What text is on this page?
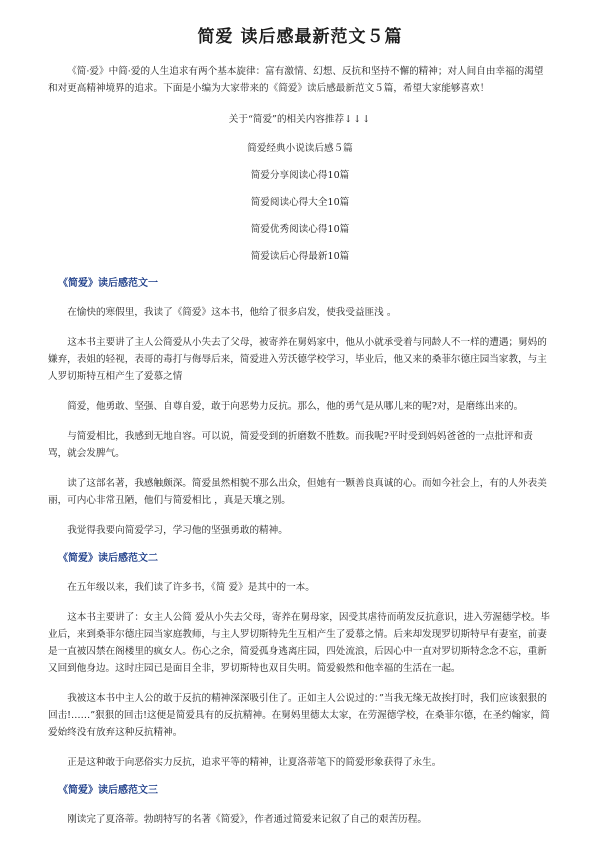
简爱 读后感最新范文５篇

《简·爱》中简·爱的人生追求有两个基本旋律：富有激情、幻想、反抗和坚持不懈的精神；对人间自由幸福的渴望和对更高精神境界的追求。下面是小编为大家带来的《简爱》读后感最新范文５篇，希望大家能够喜欢！

关于“简爱”的相关内容推荐↓↓↓
简爱经典小说读后感５篇
简爱分享阅读心得10篇
简爱阅读心得大全10篇
简爱优秀阅读心得10篇
简爱读后心得最新10篇
《简爱》读后感范文一

在愉快的寒假里，我读了《简爱》这本书，他给了很多启发，使我受益匪浅 。

这本书主要讲了主人公简爱从小失去了父母，被寄养在舅妈家中，他从小就承受着与同龄人不一样的遭遇；舅妈的嫌弃，表姐的轻视，表哥的毒打与侮辱后来，简爱进入劳沃德学校学习，毕业后，他又来的桑菲尔德庄园当家教，与主人罗切斯特互相产生了爱慕之情

简爱，他勇敢、坚强、自尊自爱，敢于向恶势力反抗。那么，他的勇气是从哪儿来的呢?对，是磨练出来的。

与简爱相比，我感到无地自容。可以说，简爱受到的折磨数不胜数。而我呢?平时受到妈妈爸爸的一点批评和责骂，就会发脾气。

读了这部名著，我感触颇深。简爱虽然相貌不那么出众，但她有一颗善良真诚的心。而如今社会上，有的人外表美丽，可内心非常丑陋，他们与简爱相比 ，真是天壤之别。

我觉得我要向简爱学习，学习他的坚强勇敢的精神。

《简爱》读后感范文二

在五年级以来，我们读了许多书，《简 爱》是其中的一本。

这本书主要讲了：女主人公简 爱从小失去父母，寄养在舅母家，因受其虐待而萌发反抗意识，进入劳渥德学校。毕业后，来到桑菲尔德庄园当家庭教师，与主人罗切斯特先生互相产生了爱慕之情。后来却发现罗切斯特早有妻室，前妻是一直被囚禁在阁楼里的疯女人。伤心之余，简爱孤身逃离庄园，四处流浪，后因心中一直对罗切斯特念念不忘，重新又回到他身边。这时庄园已是面目全非，罗切斯特也双目失明。简爱毅然和他幸福的生活在一起。

我被这本书中主人公的敢于反抗的精神深深吸引住了。正如主人公说过的：”当我无缘无故挨打时，我们应该狠狠的回击!……”狠狠的回击!这便是简爱具有的反抗精神。在舅妈里德太太家，在劳渥德学校，在桑菲尔德，在圣约翰家，简爱始终没有放弃这种反抗精神。

正是这种敢于向恶俗实力反抗，追求平等的精神，让夏洛蒂笔下的简爱形象获得了永生。

《简爱》读后感范文三

刚读完了夏洛蒂。勃朗特写的名著《简爱》，作者通过简爱来记叙了自己的艰苦历程。
